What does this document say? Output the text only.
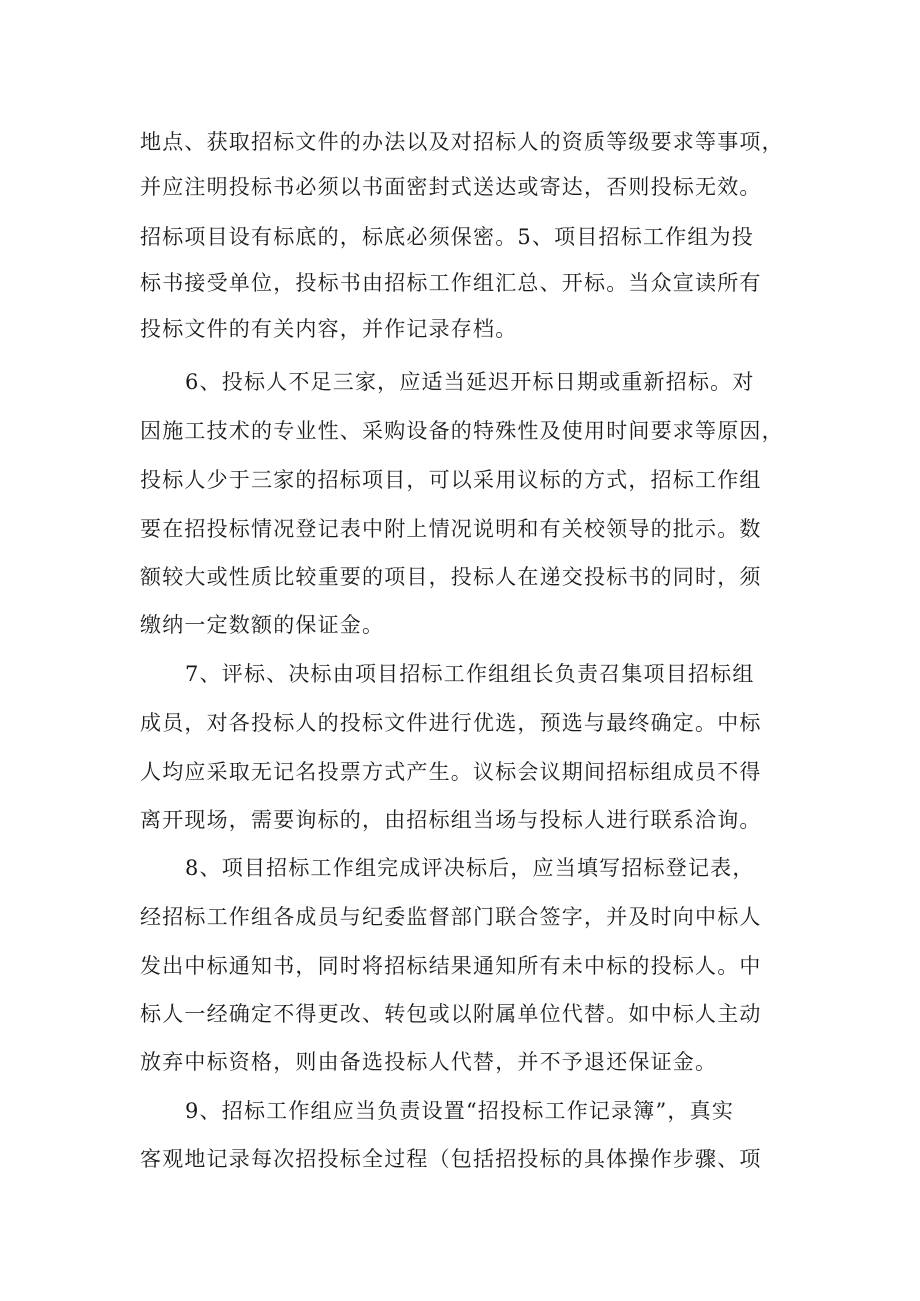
地点、获取招标文件的办法以及对招标人的资质等级要求等事项，
并应注明投标书必须以书面密封式送达或寄达，否则投标无效。
招标项目设有标底的，标底必须保密。5、项目招标工作组为投
标书接受单位，投标书由招标工作组汇总、开标。当众宣读所有
投标文件的有关内容，并作记录存档。
6、投标人不足三家，应适当延迟开标日期或重新招标。对
因施工技术的专业性、采购设备的特殊性及使用时间要求等原因，
投标人少于三家的招标项目，可以采用议标的方式，招标工作组
要在招投标情况登记表中附上情况说明和有关校领导的批示。数
额较大或性质比较重要的项目，投标人在递交投标书的同时，须
缴纳一定数额的保证金。
7、评标、决标由项目招标工作组组长负责召集项目招标组
成员，对各投标人的投标文件进行优选，预选与最终确定。中标
人均应采取无记名投票方式产生。议标会议期间招标组成员不得
离开现场，需要询标的，由招标组当场与投标人进行联系洽询。
8、项目招标工作组完成评决标后，应当填写招标登记表，
经招标工作组各成员与纪委监督部门联合签字，并及时向中标人
发出中标通知书，同时将招标结果通知所有未中标的投标人。中
标人一经确定不得更改、转包或以附属单位代替。如中标人主动
放弃中标资格，则由备选投标人代替，并不予退还保证金。
9、招标工作组应当负责设置“招投标工作记录簿”，真实
客观地记录每次招投标全过程（包括招投标的具体操作步骤、项
